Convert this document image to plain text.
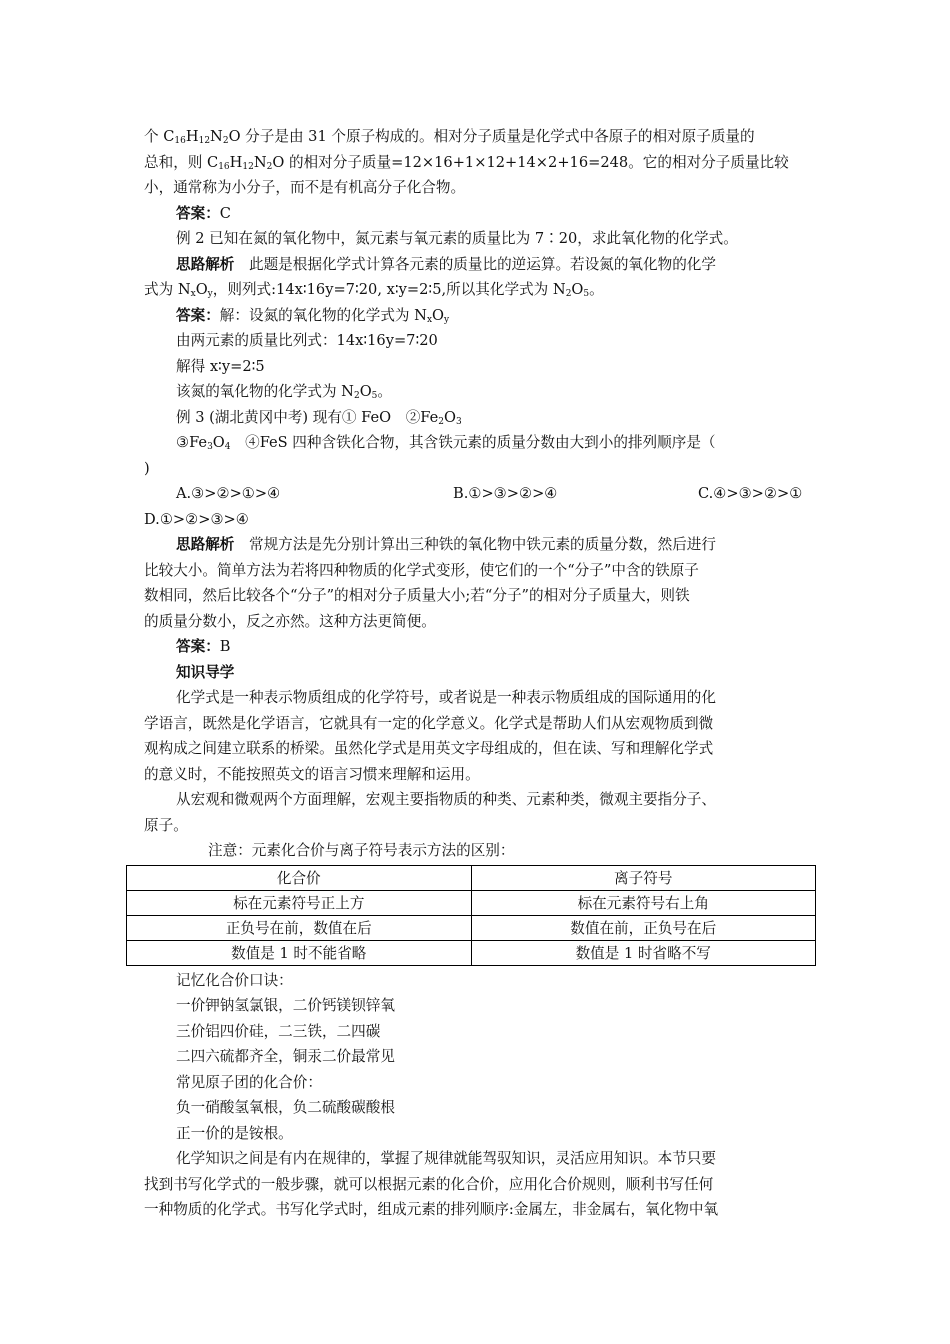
个 $C_{16}H_{12}N_2O$ 分子是由 31 个原子构成的。相对分子质量是化学式中各原子的相对原子质量的

总和，则 $C_{16}H_{12}N_2O$ 的相对分子质量=12×16+1×12+14×2+16=248。它的相对分子质量比较

小，通常称为小分子，而不是有机高分子化合物。

答案：C

例 2 已知在氮的氧化物中，氮元素与氧元素的质量比为 7∶20，求此氧化物的化学式。

思路解析　此题是根据化学式计算各元素的质量比的逆运算。若设氮的氧化物的化学

式为 $N_xO_y$，则列式:14x∶16y=7∶20, x∶y=2∶5,所以其化学式为 $N_2O_5$。

答案：解：设氮的氧化物的化学式为 $N_xO_y$

由两元素的质量比列式：14x∶16y=7∶20

解得 x∶y=2∶5

该氮的氧化物的化学式为 $N_2O_5$。

例 3 (湖北黄冈中考) 现有① FeO　$②Fe_2O_3$

$③Fe_3O_4$　④FeS 四种含铁化合物，其含铁元素的质量分数由大到小的排列顺序是（

)

A.③>②>①>④	B.①>③>②>④	C.④>③>②>①

D.①>②>③>④

思路解析　常规方法是先分别计算出三种铁的氧化物中铁元素的质量分数，然后进行

比较大小。简单方法为若将四种物质的化学式变形，使它们的一个“分子”中含的铁原子

数相同，然后比较各个“分子”的相对分子质量大小;若“分子”的相对分子质量大，则铁

的质量分数小，反之亦然。这种方法更简便。

答案：B

知识导学

化学式是一种表示物质组成的化学符号，或者说是一种表示物质组成的国际通用的化

学语言，既然是化学语言，它就具有一定的化学意义。化学式是帮助人们从宏观物质到微

观构成之间建立联系的桥梁。虽然化学式是用英文字母组成的，但在读、写和理解化学式

的意义时，不能按照英文的语言习惯来理解和运用。

从宏观和微观两个方面理解，宏观主要指物质的种类、元素种类，微观主要指分子、

原子。

注意：元素化合价与离子符号表示方法的区别：

化合价	离子符号
标在元素符号正上方	标在元素符号右上角
正负号在前，数值在后	数值在前，正负号在后
数值是 1 时不能省略	数值是 1 时省略不写

记忆化合价口诀：

一价钾钠氢氯银，二价钙镁钡锌氧

三价铝四价硅，二三铁，二四碳

二四六硫都齐全，铜汞二价最常见

常见原子团的化合价：

负一硝酸氢氧根，负二硫酸碳酸根

正一价的是铵根。

化学知识之间是有内在规律的，掌握了规律就能驾驭知识，灵活应用知识。本节只要

找到书写化学式的一般步骤，就可以根据元素的化合价，应用化合价规则，顺利书写任何

一种物质的化学式。书写化学式时，组成元素的排列顺序:金属左，非金属右，氧化物中氧
